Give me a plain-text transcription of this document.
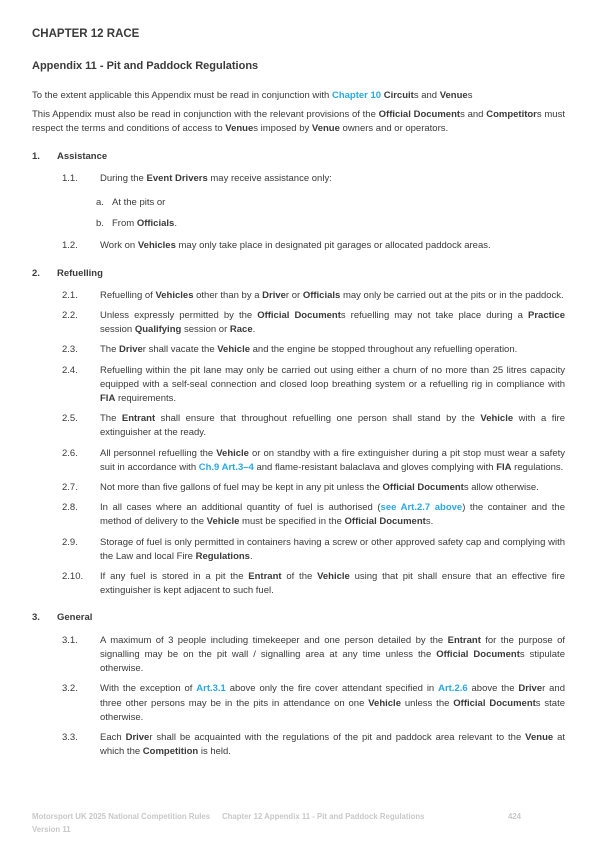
CHAPTER 12 RACE
Appendix 11 - Pit and Paddock Regulations

To the extent applicable this Appendix must be read in conjunction with Chapter 10 Circuits and Venues

This Appendix must also be read in conjunction with the relevant provisions of the Official Documents and Competitors must respect the terms and conditions of access to Venues imposed by Venue owners and or operators.

1.	Assistance
1.1.	During the Event Drivers may receive assistance only:
a. At the pits or
b. From Officials.
1.2.	Work on Vehicles may only take place in designated pit garages or allocated paddock areas.
2.	Refuelling
2.1.	Refuelling of Vehicles other than by a Driver or Officials may only be carried out at the pits or in the paddock.
2.2.	Unless expressly permitted by the Official Documents refuelling may not take place during a Practice session Qualifying session or Race.
2.3.	The Driver shall vacate the Vehicle and the engine be stopped throughout any refuelling operation.
2.4.	Refuelling within the pit lane may only be carried out using either a churn of no more than 25 litres capacity equipped with a self-seal connection and closed loop breathing system or a refuelling rig in compliance with FIA requirements.
2.5.	The Entrant shall ensure that throughout refuelling one person shall stand by the Vehicle with a fire extinguisher at the ready.
2.6.	All personnel refuelling the Vehicle or on standby with a fire extinguisher during a pit stop must wear a safety suit in accordance with Ch.9 Art.3–4 and flame-resistant balaclava and gloves complying with FIA regulations.
2.7.	Not more than five gallons of fuel may be kept in any pit unless the Official Documents allow otherwise.
2.8.	In all cases where an additional quantity of fuel is authorised (see Art.2.7 above) the container and the method of delivery to the Vehicle must be specified in the Official Documents.
2.9.	Storage of fuel is only permitted in containers having a screw or other approved safety cap and complying with the Law and local Fire Regulations.
2.10.	If any fuel is stored in a pit the Entrant of the Vehicle using that pit shall ensure that an effective fire extinguisher is kept adjacent to such fuel.
3.	General
3.1.	A maximum of 3 people including timekeeper and one person detailed by the Entrant for the purpose of signalling may be on the pit wall / signalling area at any time unless the Official Documents stipulate otherwise.
3.2.	With the exception of Art.3.1 above only the fire cover attendant specified in Art.2.6 above the Driver and three other persons may be in the pits in attendance on one Vehicle unless the Official Documents state otherwise.
3.3.	Each Driver shall be acquainted with the regulations of the pit and paddock area relevant to the Venue at which the Competition is held.
Motorsport UK 2025 National Competition Rules
Version 11
Chapter 12 Appendix 11 - Pit and Paddock Regulations	424
